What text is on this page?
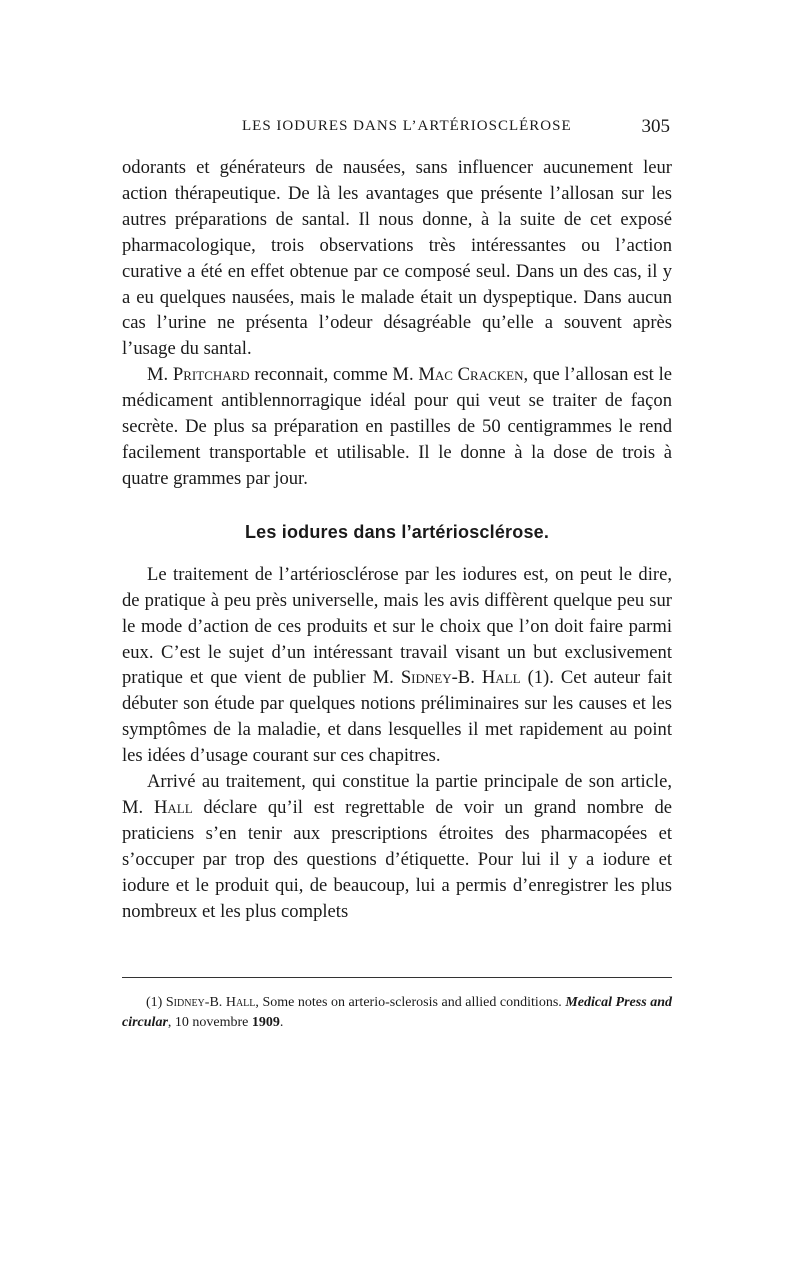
LES IODURES DANS L’ARTÉRIOSCLÉROSE	305

odorants et générateurs de nausées, sans influencer aucunement leur action thérapeutique. De là les avantages que présente l’allosan sur les autres préparations de santal. Il nous donne, à la suite de cet exposé pharmacologique, trois observations très intéressantes ou l’action curative a été en effet obtenue par ce composé seul. Dans un des cas, il y a eu quelques nausées, mais le malade était un dyspeptique. Dans aucun cas l’urine ne présenta l’odeur désagréable qu’elle a souvent après l’usage du santal.

M. Pritchard reconnait, comme M. Mac Cracken, que l’allosan est le médicament antiblennorragique idéal pour qui veut se traiter de façon secrète. De plus sa préparation en pastilles de 50 centigrammes le rend facilement transportable et utilisable. Il le donne à la dose de trois à quatre grammes par jour.

Les iodures dans l’artériosclérose.

Le traitement de l’artériosclérose par les iodures est, on peut le dire, de pratique à peu près universelle, mais les avis diffèrent quelque peu sur le mode d’action de ces produits et sur le choix que l’on doit faire parmi eux. C’est le sujet d’un intéressant travail visant un but exclusivement pratique et que vient de publier M. Sidney-B. Hall (1). Cet auteur fait débuter son étude par quelques notions préliminaires sur les causes et les symptômes de la maladie, et dans lesquelles il met rapidement au point les idées d’usage courant sur ces chapitres.

Arrivé au traitement, qui constitue la partie principale de son article, M. Hall déclare qu’il est regrettable de voir un grand nombre de praticiens s’en tenir aux prescriptions étroites des pharmacopées et s’occuper par trop des questions d’étiquette. Pour lui il y a iodure et iodure et le produit qui, de beaucoup, lui a permis d’enregistrer les plus nombreux et les plus complets

(1) Sidney-B. Hall, Some notes on arterio-sclerosis and allied conditions. Medical Press and circular, 10 novembre 1909.
